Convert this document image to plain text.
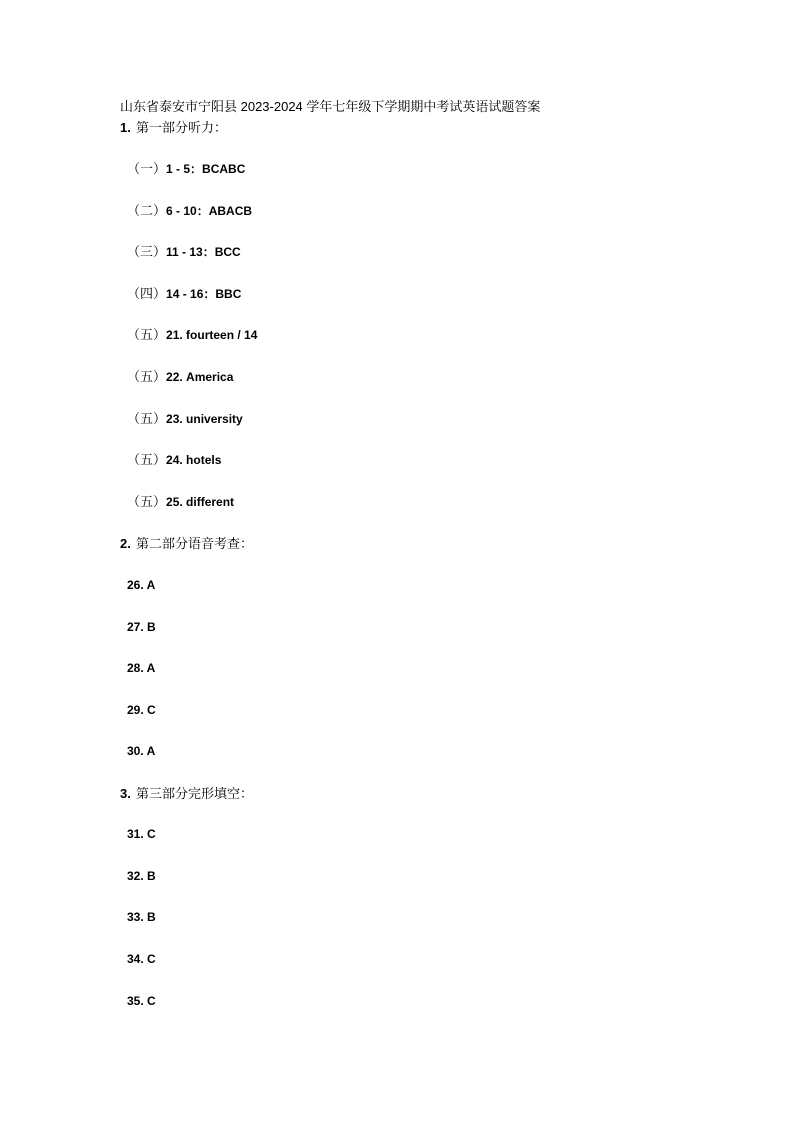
山东省泰安市宁阳县 2023-2024 学年七年级下学期期中考试英语试题答案
1. 第一部分听力：
（一）1 - 5：BCABC
（二）6 - 10：ABACB
（三）11 - 13：BCC
（四）14 - 16：BBC
（五）21. fourteen / 14
（五）22. America
（五）23. university
（五）24. hotels
（五）25. different
2. 第二部分语音考查：
26. A
27. B
28. A
29. C
30. A
3. 第三部分完形填空：
31. C
32. B
33. B
34. C
35. C
